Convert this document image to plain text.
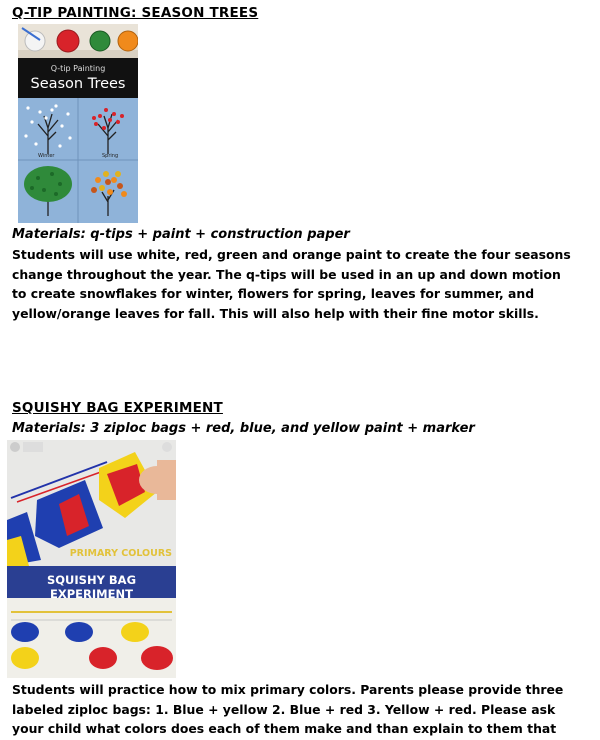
Q-TIP PAINTING: SEASON TREES
Q-tip Painting
Season Trees
Winter	Spring
Materials: q-tips + paint + construction paper

Students will use white, red, green and orange paint to create the four seasons change throughout the year. The q-tips will be used in an up and down motion to create snowflakes for winter, flowers for spring, leaves for summer, and yellow/orange leaves for fall. This will also help with their fine motor skills.

SQUISHY BAG EXPERIMENT
Materials: 3 ziploc bags + red, blue, and yellow paint + marker
PRIMARY COLOURS
SQUISHY BAG EXPERIMENT

Students will practice how to mix primary colors. Parents please provide three labeled ziploc bags: 1. Blue + yellow 2. Blue + red 3. Yellow + red. Please ask your child what colors does each of them make and than explain to them that
